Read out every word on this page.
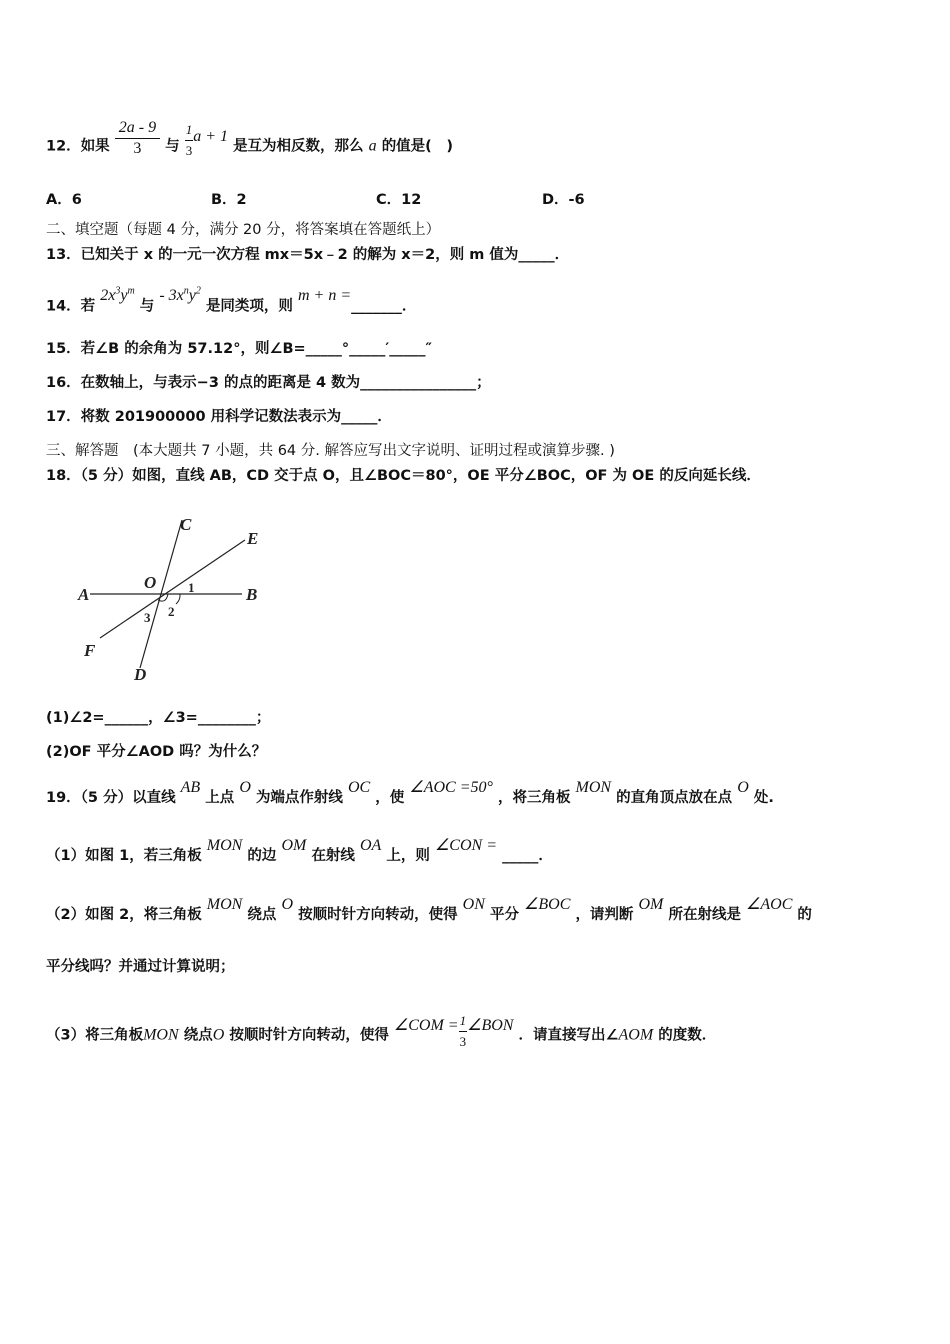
12．如果 $\frac{2a - 9}{3}$ 与 $\frac{1}{3}$ a + 1 是互为相反数，那么 a 的值是(　)
A．6	B．2	C．12	D．-6
二、填空题（每题 4 分，满分 20 分，将答案填在答题纸上）
13．已知关于 x 的一元一次方程 mx＝5x﹣2 的解为 x＝2，则 m 值为_____．
14．若 $2x^3y^m$ 与 - $3x^ny^2$ 是同类项，则 m + n =_______．
15．若∠B 的余角为 57.12°，则∠B=_____°_____′_____″
16．在数轴上，与表示−3 的点的距离是 4 数为________________；
17．将数 201900000 用科学记数法表示为_____．
三、解答题　(本大题共 7 小题，共 64 分. 解答应写出文字说明、证明过程或演算步骤. )
18．（5 分）如图，直线 AB，CD 交于点 O，且∠BOC＝80°，OE 平分∠BOC，OF 为 OE 的反向延长线．
A	B
C
D
E
F
O 1
2
3
(1)∠2=______，∠3=________；
(2)OF 平分∠AOD 吗？为什么？
19．（5 分）以直线 AB 上点 O 为端点作射线 OC ，使 ∠AOC =50° ，将三角板 MON 的直角顶点放在点 O 处.
（1）如图 1，若三角板 MON 的边 OM 在射线 OA 上，则 ∠CON = _____．
（2）如图 2，将三角板 MON 绕点 O 按顺时针方向转动，使得 ON 平分 ∠BOC ，请判断 OM 所在射线是 ∠AOC 的
平分线吗？并通过计算说明；
（3）将三角板MON 绕点O 按顺时针方向转动，使得 ∠COM = $\frac{1}{3}$ ∠BON ．请直接写出∠AOM 的度数．
